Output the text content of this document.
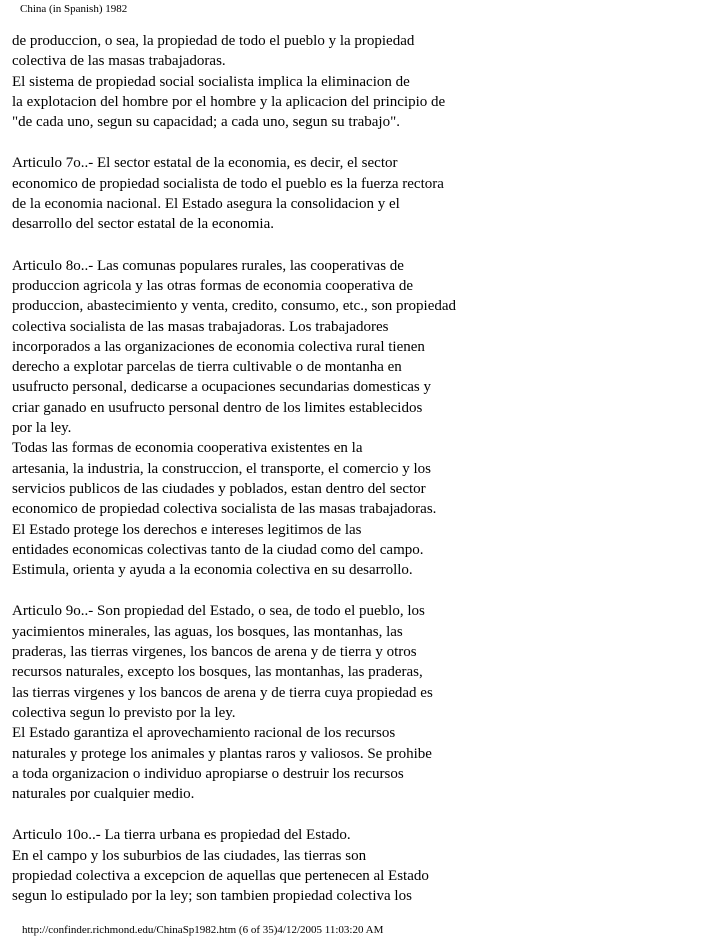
China (in Spanish) 1982
de produccion, o sea, la propiedad de todo el pueblo y la propiedad
colectiva de las masas trabajadoras.
El sistema de propiedad social socialista implica la eliminacion de
la explotacion del hombre por el hombre y la aplicacion del principio de
"de cada uno, segun su capacidad; a cada uno, segun su trabajo".
Articulo 7o..- El sector estatal de la economia, es decir, el sector
economico de propiedad socialista de todo el pueblo es la fuerza rectora
de la economia nacional. El Estado asegura la consolidacion y el
desarrollo del sector estatal de la economia.
Articulo 8o..- Las comunas populares rurales, las cooperativas de
produccion agricola y las otras formas de economia cooperativa de
produccion, abastecimiento y venta, credito, consumo, etc., son propiedad
colectiva socialista de las masas trabajadoras. Los trabajadores
incorporados a las organizaciones de economia colectiva rural tienen
derecho a explotar parcelas de tierra cultivable o de montanha en
usufructo personal, dedicarse a ocupaciones secundarias domesticas y
criar ganado en usufructo personal dentro de los limites establecidos
por la ley.
Todas las formas de economia cooperativa existentes en la
artesania, la industria, la construccion, el transporte, el comercio y los
servicios publicos de las ciudades y poblados, estan dentro del sector
economico de propiedad colectiva socialista de las masas trabajadoras.
El Estado protege los derechos e intereses legitimos de las
entidades economicas colectivas tanto de la ciudad como del campo.
Estimula, orienta y ayuda a la economia colectiva en su desarrollo.
Articulo 9o..- Son propiedad del Estado, o sea, de todo el pueblo, los
yacimientos minerales, las aguas, los bosques, las montanhas, las
praderas, las tierras virgenes, los bancos de arena y de tierra y otros
recursos naturales, excepto los bosques, las montanhas, las praderas,
las tierras virgenes y los bancos de arena y de tierra cuya propiedad es
colectiva segun lo previsto por la ley.
El Estado garantiza el aprovechamiento racional de los recursos
naturales y protege los animales y plantas raros y valiosos. Se prohibe
a toda organizacion o individuo apropiarse o destruir los recursos
naturales por cualquier medio.
Articulo 10o..- La tierra urbana es propiedad del Estado.
En el campo y los suburbios de las ciudades, las tierras son
propiedad colectiva a excepcion de aquellas que pertenecen al Estado
segun lo estipulado por la ley; son tambien propiedad colectiva los
http://confinder.richmond.edu/ChinaSp1982.htm (6 of 35)4/12/2005 11:03:20 AM
